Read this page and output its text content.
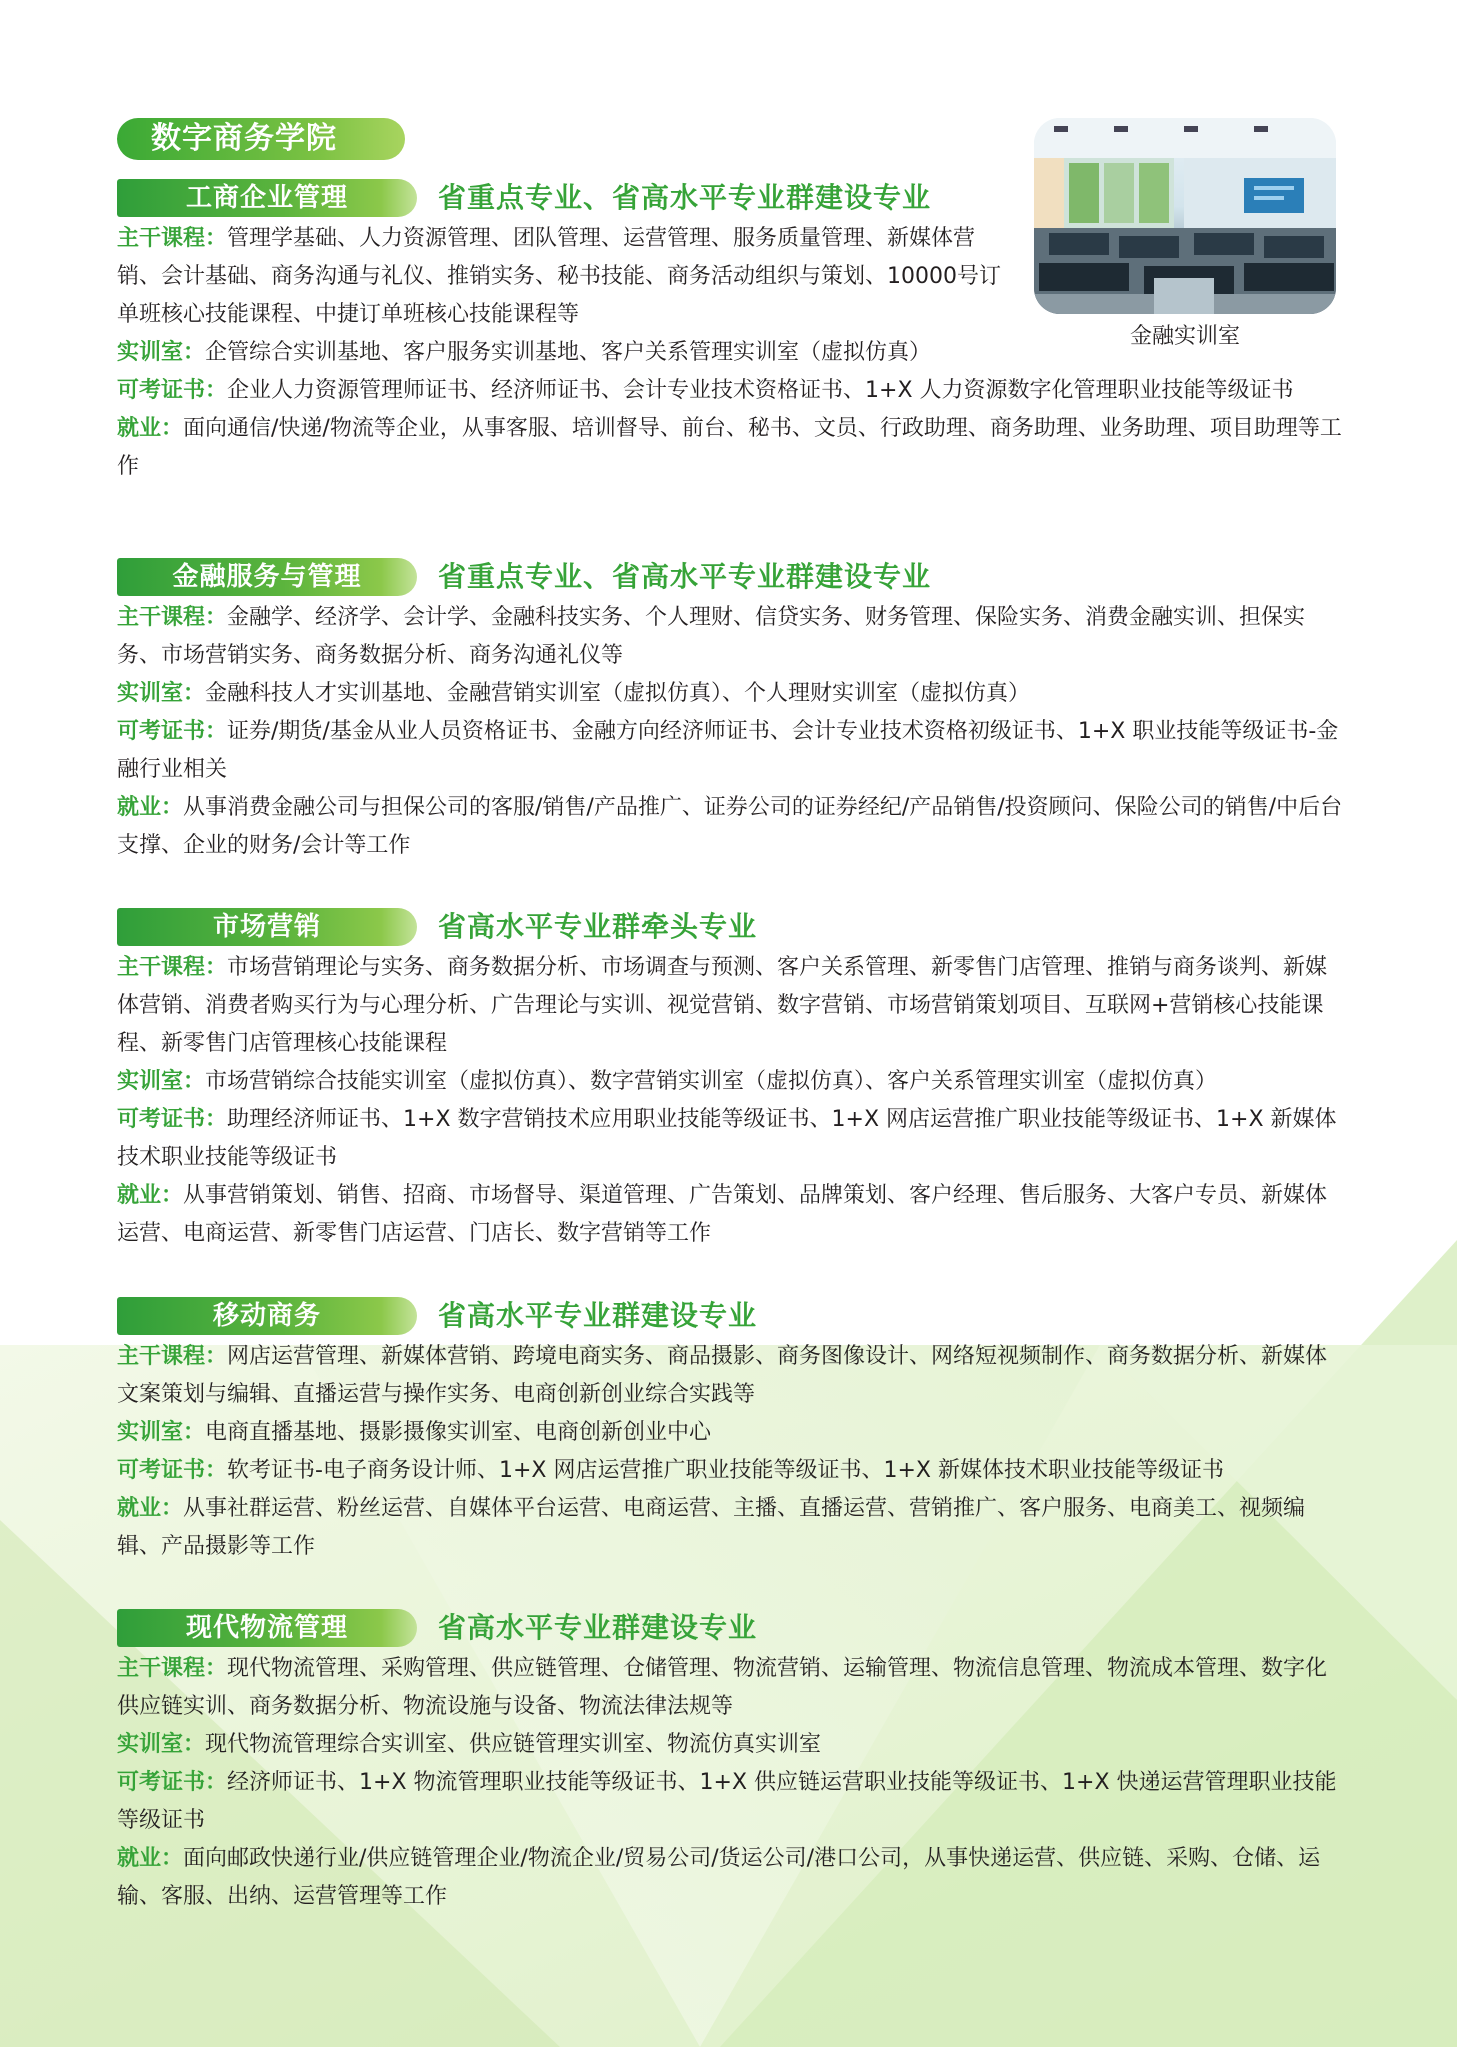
数字商务学院
金融实训室
工商企业管理	省重点专业、省高水平专业群建设专业

主干课程：管理学基础、人力资源管理、团队管理、运营管理、服务质量管理、新媒体营销、会计基础、商务沟通与礼仪、推销实务、秘书技能、商务活动组织与策划、10000号订单班核心技能课程、中捷订单班核心技能课程等

实训室：企管综合实训基地、客户服务实训基地、客户关系管理实训室（虚拟仿真）

可考证书：企业人力资源管理师证书、经济师证书、会计专业技术资格证书、1+X 人力资源数字化管理职业技能等级证书

就业：面向通信/快递/物流等企业，从事客服、培训督导、前台、秘书、文员、行政助理、商务助理、业务助理、项目助理等工作

金融服务与管理	省重点专业、省高水平专业群建设专业

主干课程：金融学、经济学、会计学、金融科技实务、个人理财、信贷实务、财务管理、保险实务、消费金融实训、担保实务、市场营销实务、商务数据分析、商务沟通礼仪等

实训室：金融科技人才实训基地、金融营销实训室（虚拟仿真）、个人理财实训室（虚拟仿真）

可考证书：证券/期货/基金从业人员资格证书、金融方向经济师证书、会计专业技术资格初级证书、1+X 职业技能等级证书-金融行业相关

就业：从事消费金融公司与担保公司的客服/销售/产品推广、证券公司的证券经纪/产品销售/投资顾问、保险公司的销售/中后台支撑、企业的财务/会计等工作

市场营销	省高水平专业群牵头专业

主干课程：市场营销理论与实务、商务数据分析、市场调查与预测、客户关系管理、新零售门店管理、推销与商务谈判、新媒体营销、消费者购买行为与心理分析、广告理论与实训、视觉营销、数字营销、市场营销策划项目、互联网+营销核心技能课程、新零售门店管理核心技能课程

实训室：市场营销综合技能实训室（虚拟仿真）、数字营销实训室（虚拟仿真）、客户关系管理实训室（虚拟仿真）

可考证书：助理经济师证书、1+X 数字营销技术应用职业技能等级证书、1+X 网店运营推广职业技能等级证书、1+X 新媒体技术职业技能等级证书

就业：从事营销策划、销售、招商、市场督导、渠道管理、广告策划、品牌策划、客户经理、售后服务、大客户专员、新媒体运营、电商运营、新零售门店运营、门店长、数字营销等工作

移动商务	省高水平专业群建设专业

主干课程：网店运营管理、新媒体营销、跨境电商实务、商品摄影、商务图像设计、网络短视频制作、商务数据分析、新媒体文案策划与编辑、直播运营与操作实务、电商创新创业综合实践等

实训室：电商直播基地、摄影摄像实训室、电商创新创业中心

可考证书：软考证书-电子商务设计师、1+X 网店运营推广职业技能等级证书、1+X 新媒体技术职业技能等级证书

就业：从事社群运营、粉丝运营、自媒体平台运营、电商运营、主播、直播运营、营销推广、客户服务、电商美工、视频编辑、产品摄影等工作

现代物流管理	省高水平专业群建设专业

主干课程：现代物流管理、采购管理、供应链管理、仓储管理、物流营销、运输管理、物流信息管理、物流成本管理、数字化供应链实训、商务数据分析、物流设施与设备、物流法律法规等

实训室：现代物流管理综合实训室、供应链管理实训室、物流仿真实训室

可考证书：经济师证书、1+X 物流管理职业技能等级证书、1+X 供应链运营职业技能等级证书、1+X 快递运营管理职业技能等级证书

就业：面向邮政快递行业/供应链管理企业/物流企业/贸易公司/货运公司/港口公司，从事快递运营、供应链、采购、仓储、运输、客服、出纳、运营管理等工作
